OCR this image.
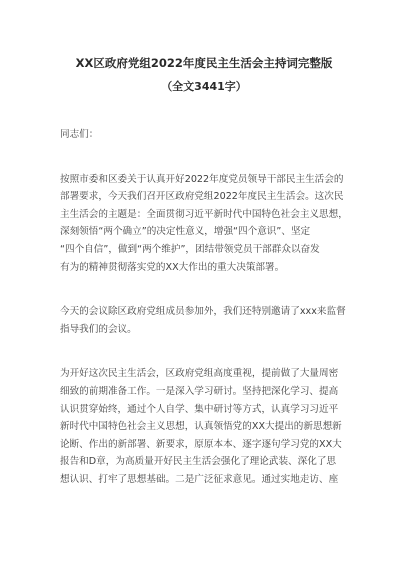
XX区政府党组2022年度民主生活会主持词完整版

（全文3441字）

同志们：

按照市委和区委关于认真开好2022年度党员领导干部民主生活会的
部署要求，今天我们召开区政府党组2022年度民主生活会。这次民
主生活会的主题是：全面贯彻习近平新时代中国特色社会主义思想，
深刻领悟“两个确立”的决定性意义，增强“四个意识”、坚定
“四个自信”，做到“两个维护”，团结带领党员干部群众以奋发
有为的精神贯彻落实党的XX大作出的重大决策部署。

今天的会议除区政府党组成员参加外，我们还特别邀请了xxx来监督
指导我们的会议。

为开好这次民主生活会，区政府党组高度重视，提前做了大量周密
细致的前期准备工作。一是深入学习研讨。坚持把深化学习、提高
认识贯穿始终，通过个人自学、集中研讨等方式，认真学习习近平
新时代中国特色社会主义思想，认真领悟党的XX大提出的新思想新
论断、作出的新部署、新要求，原原本本、逐字逐句学习党的XX大
报告和D章，为高质量开好民主生活会强化了理论武装、深化了思
想认识、打牢了思想基础。二是广泛征求意见。通过实地走访、座
